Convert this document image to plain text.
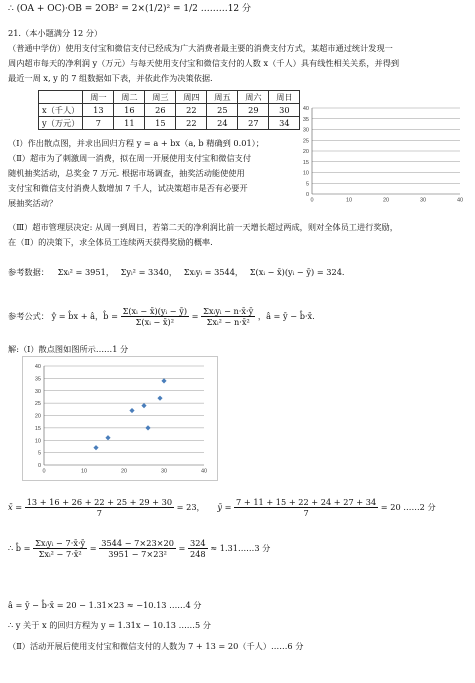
∴ (OA + OC)·OB = 2OB² = 2×(1/2)² = 1/2 ………12 分
21.（本小题满分 12 分）
（普通中学仿）使用支付宝和微信支付已经成为广大消费者最主要的消费支付方式，某超市通过统计发现一
周内超市每天的净利润 y（万元）与每天使用支付宝和微信支付的人数 x（千人）具有线性相关关系，并得到
最近一周 x, y 的 7 组数据如下表，并依此作为决策依据.
	周一	周二	周三	周四	周五	周六	周日
x（千人）	13	16	26	22	25	29	30
y（万元）	7	11	15	22	24	27	34
0
5
10
15
20
25
30
35
40
0	10	20	30	40
（Ⅰ）作出散点图，并求出回归方程 y = a + bx（a, b 精确到 0.01）；
（Ⅱ）超市为了刺激周一消费，拟在周一开展使用支付宝和微信支付
随机抽奖活动，总奖金 7 万元. 根据市场调查，抽奖活动能使使用
支付宝和微信支付消费人数增加 7 千人，试决策超市是否有必要开
展抽奖活动？
（Ⅲ）超市管理层决定: 从周一到周日，若第二天的净利润比前一天增长超过两成，则对全体员工进行奖励，
在（Ⅱ）的决策下，求全体员工连续两天获得奖励的概率.
参考数据： Σxᵢ² = 3951， Σyᵢ² = 3340， Σxᵢyᵢ = 3544， Σ(xᵢ − x̄)(yᵢ − ȳ) = 324.
参考公式： ŷ = b̂x + â，b̂ = $\frac{\text{Σ(xᵢ − x̄)(yᵢ − ȳ)}}{\text{Σ(xᵢ − x̄)²}} = \frac{\text{Σxᵢyᵢ − n·x̄·ȳ}}{\text{Σxᵢ² − n·x̄²}}$ ，â = ȳ − b̂·x̄.
解:（Ⅰ）散点图如图所示……1 分
0
5
10
15
20
25
30
35
40
0	10	20	30	40
x̄ = $\frac{13 + 16 + 26 + 22 + 25 + 29 + 30}{7} = 23$， ȳ = $\frac{7 + 11 + 15 + 22 + 24 + 27 + 34}{7} = 20$ ……2 分
∴ b̂ = $\frac{\text{Σxᵢyᵢ − 7·x̄·ȳ}}{\text{Σxᵢ² − 7·x̄²}} = \frac{3544 - 7\times 23\times 20}{\text{3951 − 7×23²}} = \frac{324}{248}$ ≈ 1.31……3 分
â = ȳ − b̂·x̄ = 20 − 1.31×23 ≈ −10.13 ……4 分
∴ y 关于 x 的回归方程为 y = 1.31x − 10.13 ……5 分
（Ⅱ）活动开展后使用支付宝和微信支付的人数为 7 + 13 = 20（千人）……6 分
